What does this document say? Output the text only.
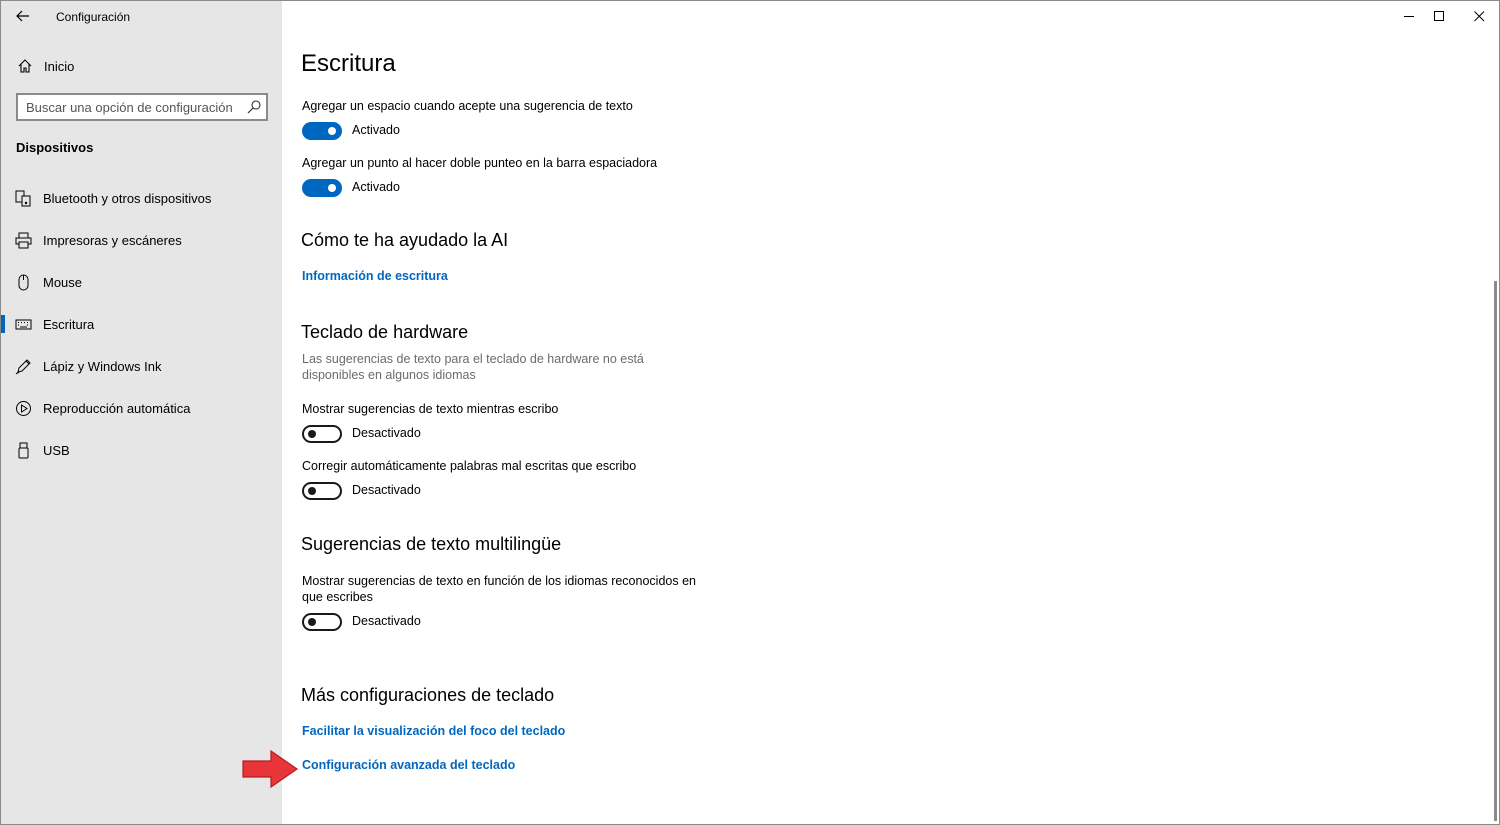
Configuración
Inicio
Buscar una opción de configuración
Dispositivos
Bluetooth y otros dispositivos
Impresoras y escáneres
Mouse
Escritura
Lápiz y Windows Ink
Reproducción automática
USB
Escritura
Agregar un espacio cuando acepte una sugerencia de texto
Activado
Agregar un punto al hacer doble punteo en la barra espaciadora
Activado
Cómo te ha ayudado la AI
Información de escritura
Teclado de hardware
Las sugerencias de texto para el teclado de hardware no está disponibles en algunos idiomas
Mostrar sugerencias de texto mientras escribo
Desactivado
Corregir automáticamente palabras mal escritas que escribo
Desactivado
Sugerencias de texto multilingüe
Mostrar sugerencias de texto en función de los idiomas reconocidos en que escribes
Desactivado
Más configuraciones de teclado
Facilitar la visualización del foco del teclado
Configuración avanzada del teclado
